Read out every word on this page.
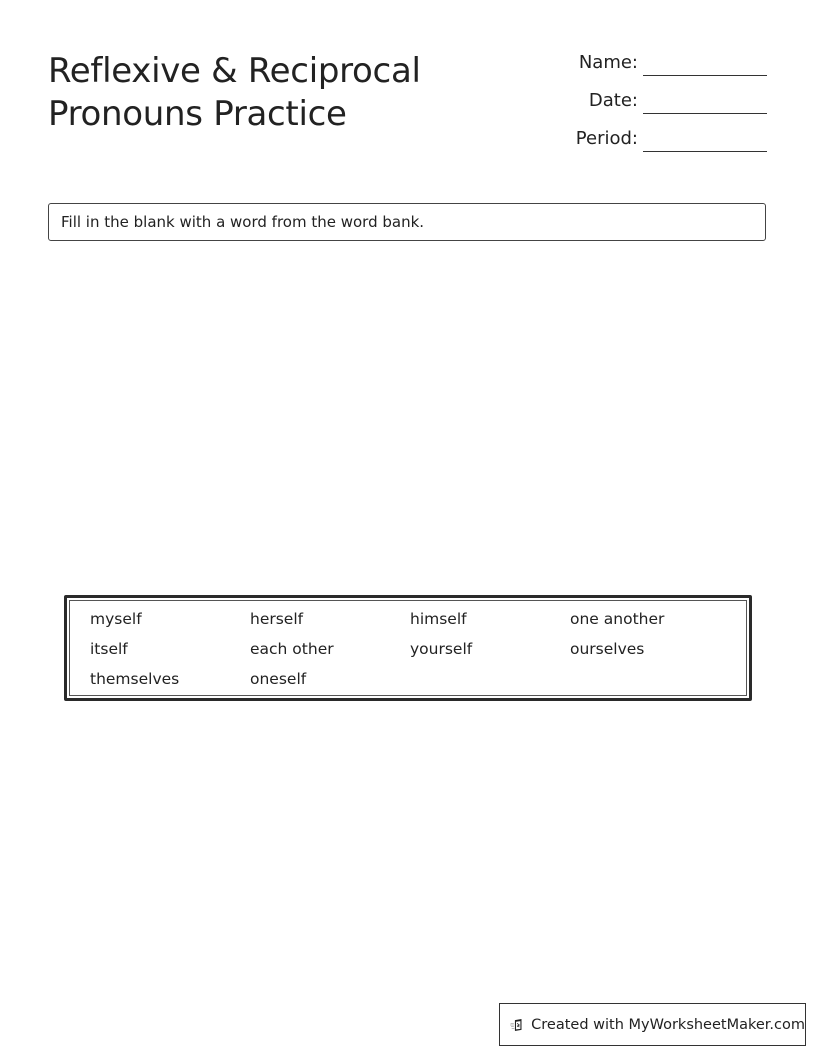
Reflexive & Reciprocal
Pronouns Practice
Name:
Date:
Period:
Fill in the blank with a word from the word bank.
myself	herself	himself	one another
itself	each other	yourself	ourselves
themselves	oneself
Created with MyWorksheetMaker.com
